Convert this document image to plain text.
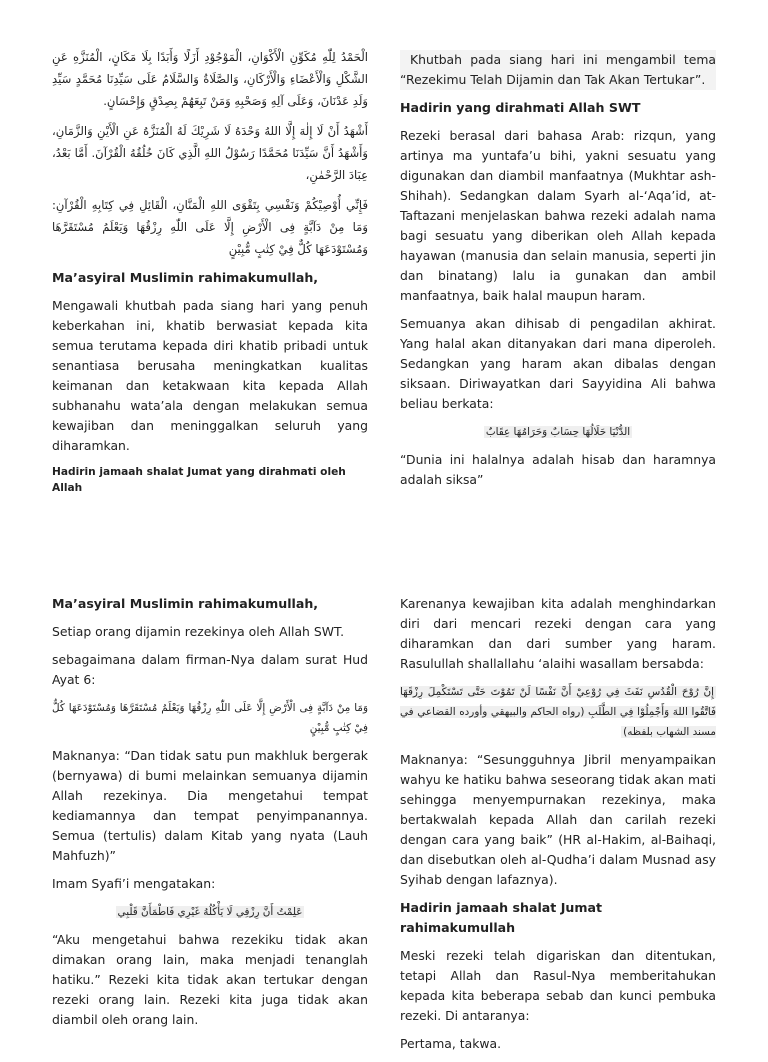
الْحَمْدُ لِلّٰهِ مُكَوِّنِ الْأَكْوَانِ، الْمَوْجُوْدِ أَزَلًا وَأَبَدًا بِلَا مَكَانٍ، الْمُنَزَّهِ عَنِ الشَّكْلِ وَالْأَعْضَاءِ وَالْأَرْكَانِ، وَالصَّلَاةُ وَالسَّلَامُ عَلَى سَيِّدِنَا مُحَمَّدٍ سَيِّدِ وَلَدِ عَدْنَانَ، وَعَلَى آلِهِ وَصَحْبِهِ وَمَنْ تَبِعَهُمْ بِصِدْقٍ وَإِحْسَانٍ.

أَشْهَدُ أَنْ لَا إِلٰهَ إِلَّا اللهُ وَحْدَهُ لَا شَرِيْكَ لَهُ الْمُنَزَّهُ عَنِ الْأَيْنِ وَالزَّمَانِ، وَأَشْهَدُ أَنَّ سَيِّدَنَا مُحَمَّدًا رَسُوْلُ اللهِ الَّذِي كَانَ خُلُقُهُ الْقُرْآنَ. أَمَّا بَعْدُ، عِبَادَ الرَّحْمٰنِ،

فَإِنِّي أُوْصِيْكُمْ وَنَفْسِي بِتَقْوَى اللهِ الْمَنَّانِ، الْقَائِلِ فِي كِتَابِهِ الْقُرْآنِ: وَمَا مِنْ دَآبَّةٍ فِى الْأَرْضِ إِلَّا عَلَى اللّٰهِ رِزْقُهَا وَيَعْلَمُ مُسْتَقَرَّهَا وَمُسْتَوْدَعَهَا كُلٌّ فِيْ كِتٰبٍ مُّبِيْنٍ

Ma’asyiral Muslimin rahimakumullah,

Mengawali khutbah pada siang hari yang penuh keberkahan ini, khatib berwasiat kepada kita semua terutama kepada diri khatib pribadi untuk senantiasa berusaha meningkatkan kualitas keimanan dan ketakwaan kita kepada Allah subhanahu wata’ala dengan melakukan semua kewajiban dan meninggalkan seluruh yang diharamkan.

Hadirin jamaah shalat Jumat yang dirahmati oleh Allah

Khutbah pada siang hari ini mengambil tema “Rezekimu Telah Dijamin dan Tak Akan Tertukar”.

Hadirin yang dirahmati Allah SWT

Rezeki berasal dari bahasa Arab: rizqun, yang artinya ma yuntafa’u bihi, yakni sesuatu yang digunakan dan diambil manfaatnya (Mukhtar ash-Shihah). Sedangkan dalam Syarh al-‘Aqa’id, at-Taftazani menjelaskan bahwa rezeki adalah nama bagi sesuatu yang diberikan oleh Allah kepada hayawan (manusia dan selain manusia, seperti jin dan binatang) lalu ia gunakan dan ambil manfaatnya, baik halal maupun haram.

Semuanya akan dihisab di pengadilan akhirat. Yang halal akan ditanyakan dari mana diperoleh. Sedangkan yang haram akan dibalas dengan siksaan. Diriwayatkan dari Sayyidina Ali bahwa beliau berkata:

الدُّنْيَا حَلَالُهَا حِسَابٌ وَحَرَامُهَا عِقَابٌ

“Dunia ini halalnya adalah hisab dan haramnya adalah siksa”

Ma’asyiral Muslimin rahimakumullah,

Setiap orang dijamin rezekinya oleh Allah SWT.

sebagaimana dalam firman-Nya dalam surat Hud Ayat 6:

وَمَا مِنْ دَآبَّةٍ فِى الْأَرْضِ إِلَّا عَلَى اللّٰهِ رِزْقُهَا وَيَعْلَمُ مُسْتَقَرَّهَا وَمُسْتَوْدَعَهَا كُلٌّ فِيْ كِتٰبٍ مُّبِيْنٍ

Maknanya: “Dan tidak satu pun makhluk bergerak (bernyawa) di bumi melainkan semuanya dijamin Allah rezekinya. Dia mengetahui tempat kediamannya dan tempat penyimpanannya. Semua (tertulis) dalam Kitab yang nyata (Lauh Mahfuzh)”

Imam Syafi’i mengatakan:

عَلِمْتُ أَنَّ رِزْقِي لَا يَأْكُلُهُ غَيْرِي فَاطْمَأَنَّ قَلْبِي

“Aku mengetahui bahwa rezekiku tidak akan dimakan orang lain, maka menjadi tenanglah hatiku.” Rezeki kita tidak akan tertukar dengan rezeki orang lain. Rezeki kita juga tidak akan diambil oleh orang lain.

Karenanya kewajiban kita adalah menghindarkan diri dari mencari rezeki dengan cara yang diharamkan dan dari sumber yang haram. Rasulullah shallallahu ‘alaihi wasallam bersabda:

إِنَّ رُوْحَ الْقُدُسِ نَفَثَ فِي رُوْعِيْ أَنَّ نَفْسًا لَنْ تَمُوْتَ حَتَّى تَسْتَكْمِلَ رِزْقَهَا فَاتَّقُوا اللهَ وَأَجْمِلُوْا فِي الطَّلَبِ (رواه الحاكم والبيهقي وأورده القضاعي في مسند الشهاب بلفظه)

Maknanya: “Sesungguhnya Jibril menyampaikan wahyu ke hatiku bahwa seseorang tidak akan mati sehingga menyempurnakan rezekinya, maka bertakwalah kepada Allah dan carilah rezeki dengan cara yang baik” (HR al-Hakim, al-Baihaqi, dan disebutkan oleh al-Qudha’i dalam Musnad asy Syihab dengan lafaznya).

Hadirin jamaah shalat Jumat rahimakumullah

Meski rezeki telah digariskan dan ditentukan, tetapi Allah dan Rasul-Nya memberitahukan kepada kita beberapa sebab dan kunci pembuka rezeki. Di antaranya:

Pertama, takwa.
